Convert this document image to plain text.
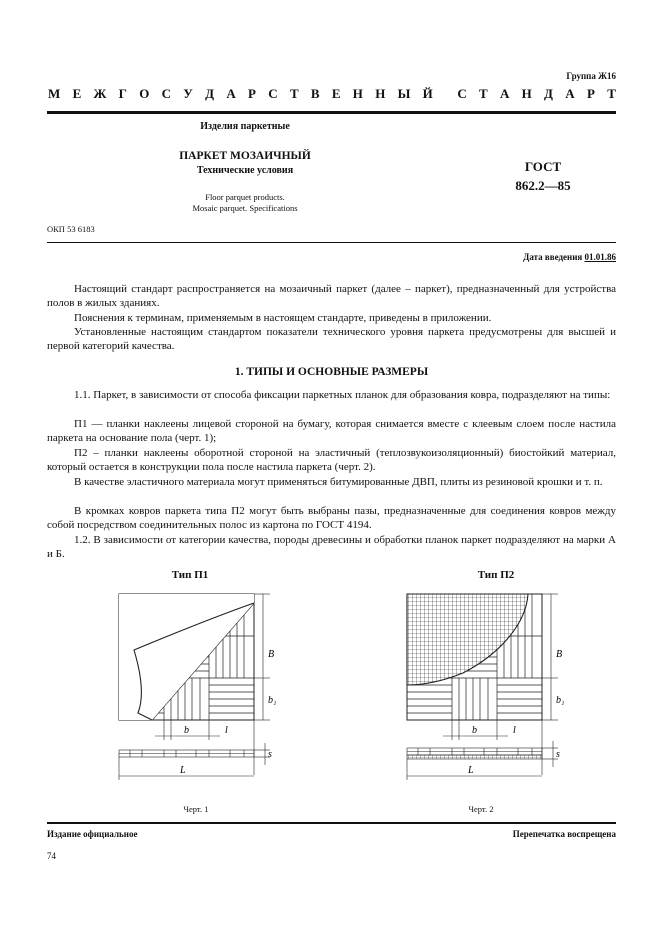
Группа Ж16
М Е Ж Г О С У Д А Р С Т В Е Н Н Ы Й С Т А Н Д А Р Т
Изделия паркетные
ПАРКЕТ МОЗАИЧНЫЙ
Технические условия
Floor parquet products.
Mosaic parquet. Specifications
ГОСТ
862.2—85
ОКП 53 6183
Дата введения 01.01.86
Настоящий стандарт распространяется на мозаичный паркет (далее – паркет), предназначенный для устройства полов в жилых зданиях.
Пояснения к терминам, применяемым в настоящем стандарте, приведены в приложении.
Установленные настоящим стандартом показатели технического уровня паркета предусмотрены для высшей и первой категорий качества.
1. ТИПЫ И ОСНОВНЫЕ РАЗМЕРЫ
1.1. Паркет, в зависимости от способа фиксации паркетных планок для образования ковра, подразделяют на типы:
П1 — планки наклеены лицевой стороной на бумагу, которая снимается вместе с клеевым слоем после настила паркета на основание пола (черт. 1);
П2 – планки наклеены оборотной стороной на эластичный (теплозвукоизоляционный) биостойкий материал, который остается в конструкции пола после настила паркета (черт. 2).
В качестве эластичного материала могут применяться битумированные ДВП, плиты из резиновой крошки и т. п.
В кромках ковров паркета типа П2 могут быть выбраны пазы, предназначенные для соединения ковров между собой посредством соединительных полос из картона по ГОСТ 4194.
1.2. В зависимости от категории качества, породы древесины и обработки планок паркет подразделяют на марки А и Б.
Тип П1	Тип П2
B
b₁
b	l
L
s
B
b₁
b	l
L
s
Черт. 1	Черт. 2
Издание официальное	Перепечатка воспрещена
74
